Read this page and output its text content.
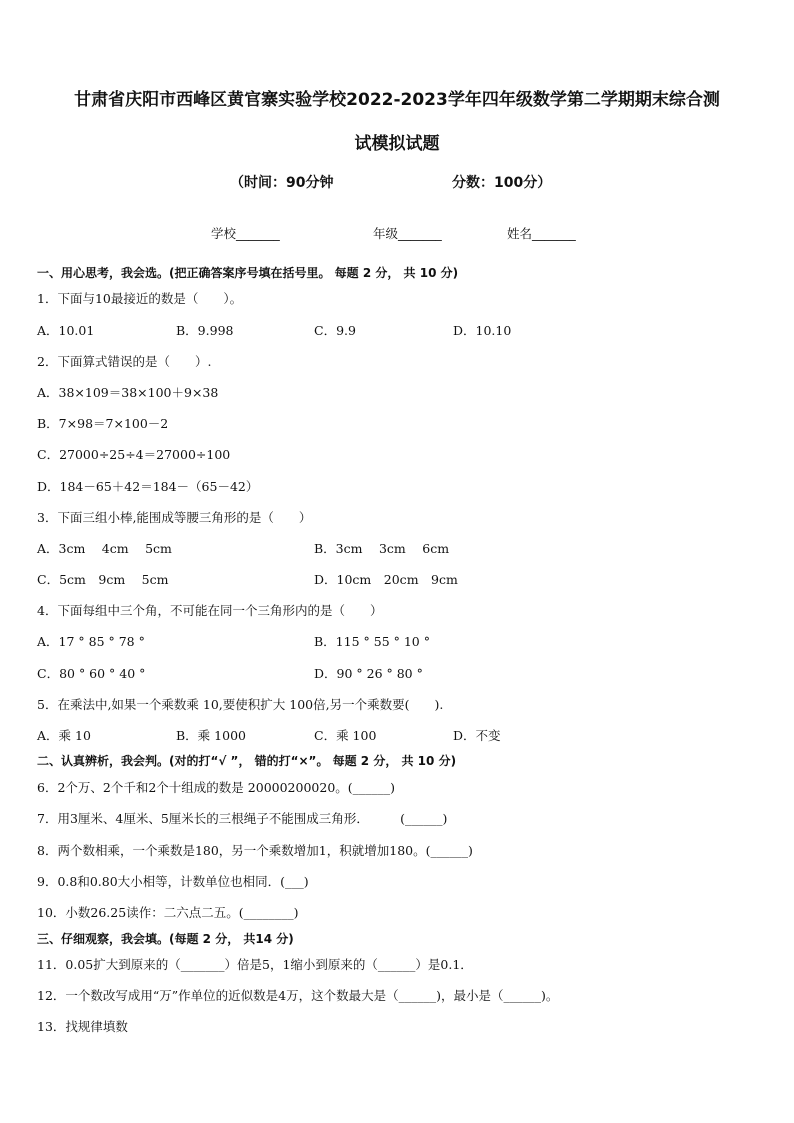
甘肃省庆阳市西峰区黄官寨实验学校2022-2023学年四年级数学第二学期期末综合测
试模拟试题
（时间：90分钟	分数：100分）
学校_______	年级_______	姓名_______
一、用心思考，我会选。(把正确答案序号填在括号里。 每题 2 分， 共 10 分)
1．下面与10最接近的数是（　　）。
A．10.01	B．9.998	C．9.9	D．10.10
2．下面算式错误的是（　　）.
A．38×109＝38×100＋9×38
B．7×98＝7×100－2
C．27000÷25÷4＝27000÷100
D．184－65＋42＝184－（65－42）
3．下面三组小棒,能围成等腰三角形的是（　　）
A．3cm　 4cm　 5cm	B．3cm　 3cm　 6cm
C．5cm　9cm　 5cm	D．10cm　20cm　9cm
4．下面每组中三个角，不可能在同一个三角形内的是（　　）
A．17 ° 85 ° 78 °	B．115 ° 55 ° 10 °
C．80 ° 60 ° 40 °	D．90 ° 26 ° 80 °
5．在乘法中,如果一个乘数乘 10,要使积扩大 100倍,另一个乘数要(　　).
A．乘 10	B．乘 1000	C．乘 100	D．不变
二、认真辨析，我会判。(对的打“√ ”， 错的打“×”。 每题 2 分， 共 10 分)
6．2个万、2个千和2个十组成的数是 20000200020。(______)
7．用3厘米、4厘米、5厘米长的三根绳子不能围成三角形．　　　(______)
8．两个数相乘，一个乘数是180，另一个乘数增加1，积就增加180。(______)
9．0.8和0.80大小相等，计数单位也相同．(___)
10．小数26.25读作：二六点二五。(________)
三、仔细观察，我会填。(每题 2 分， 共14 分)
11．0.05扩大到原来的（_______）倍是5，1缩小到原来的（______）是0.1．
12．一个数改写成用“万”作单位的近似数是4万，这个数最大是（______)，最小是（______)。
13．找规律填数
